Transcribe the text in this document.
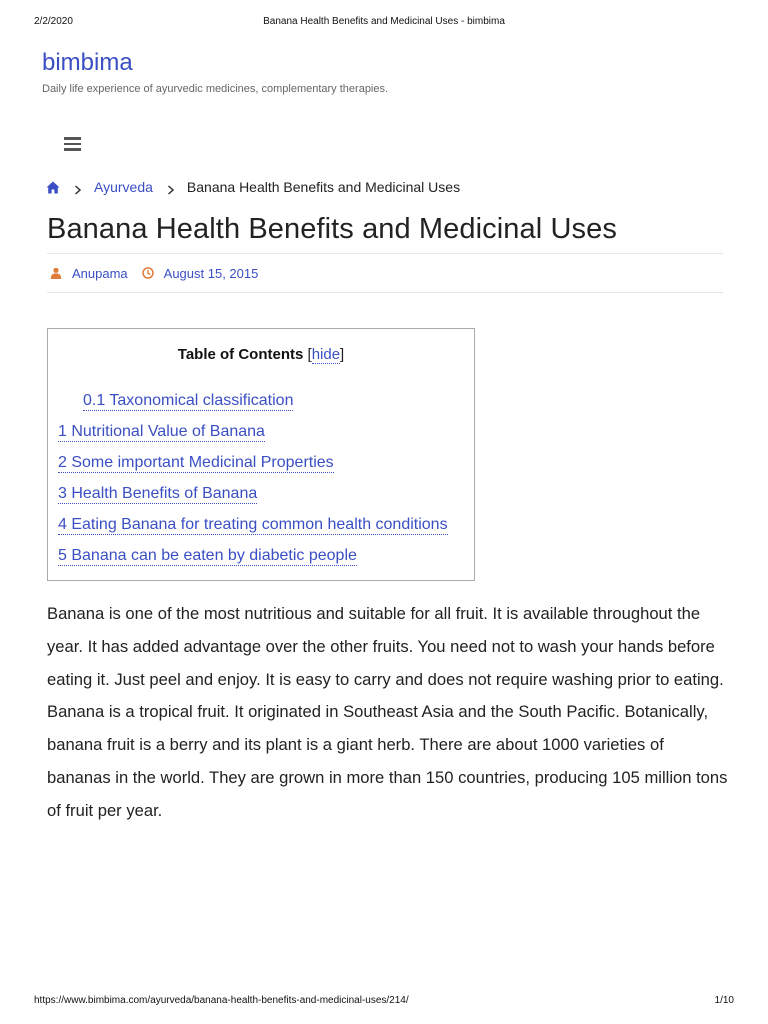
2/2/2020	Banana Health Benefits and Medicinal Uses - bimbima
bimbima
Daily life experience of ayurvedic medicines, complementary therapies.
Ayurveda Banana Health Benefits and Medicinal Uses
Banana Health Benefits and Medicinal Uses
Anupama	August 15, 2015
Table of Contents [hide]
0.1 Taxonomical classification
1 Nutritional Value of Banana
2 Some important Medicinal Properties
3 Health Benefits of Banana
4 Eating Banana for treating common health conditions
5 Banana can be eaten by diabetic people

Banana is one of the most nutritious and suitable for all fruit. It is available throughout the year. It has added advantage over the other fruits. You need not to wash your hands before eating it. Just peel and enjoy. It is easy to carry and does not require washing prior to eating. Banana is a tropical fruit. It originated in Southeast Asia and the South Pacific. Botanically, banana fruit is a berry and its plant is a giant herb. There are about 1000 varieties of bananas in the world. They are grown in more than 150 countries, producing 105 million tons of fruit per year.

https://www.bimbima.com/ayurveda/banana-health-benefits-and-medicinal-uses/214/	1/10
